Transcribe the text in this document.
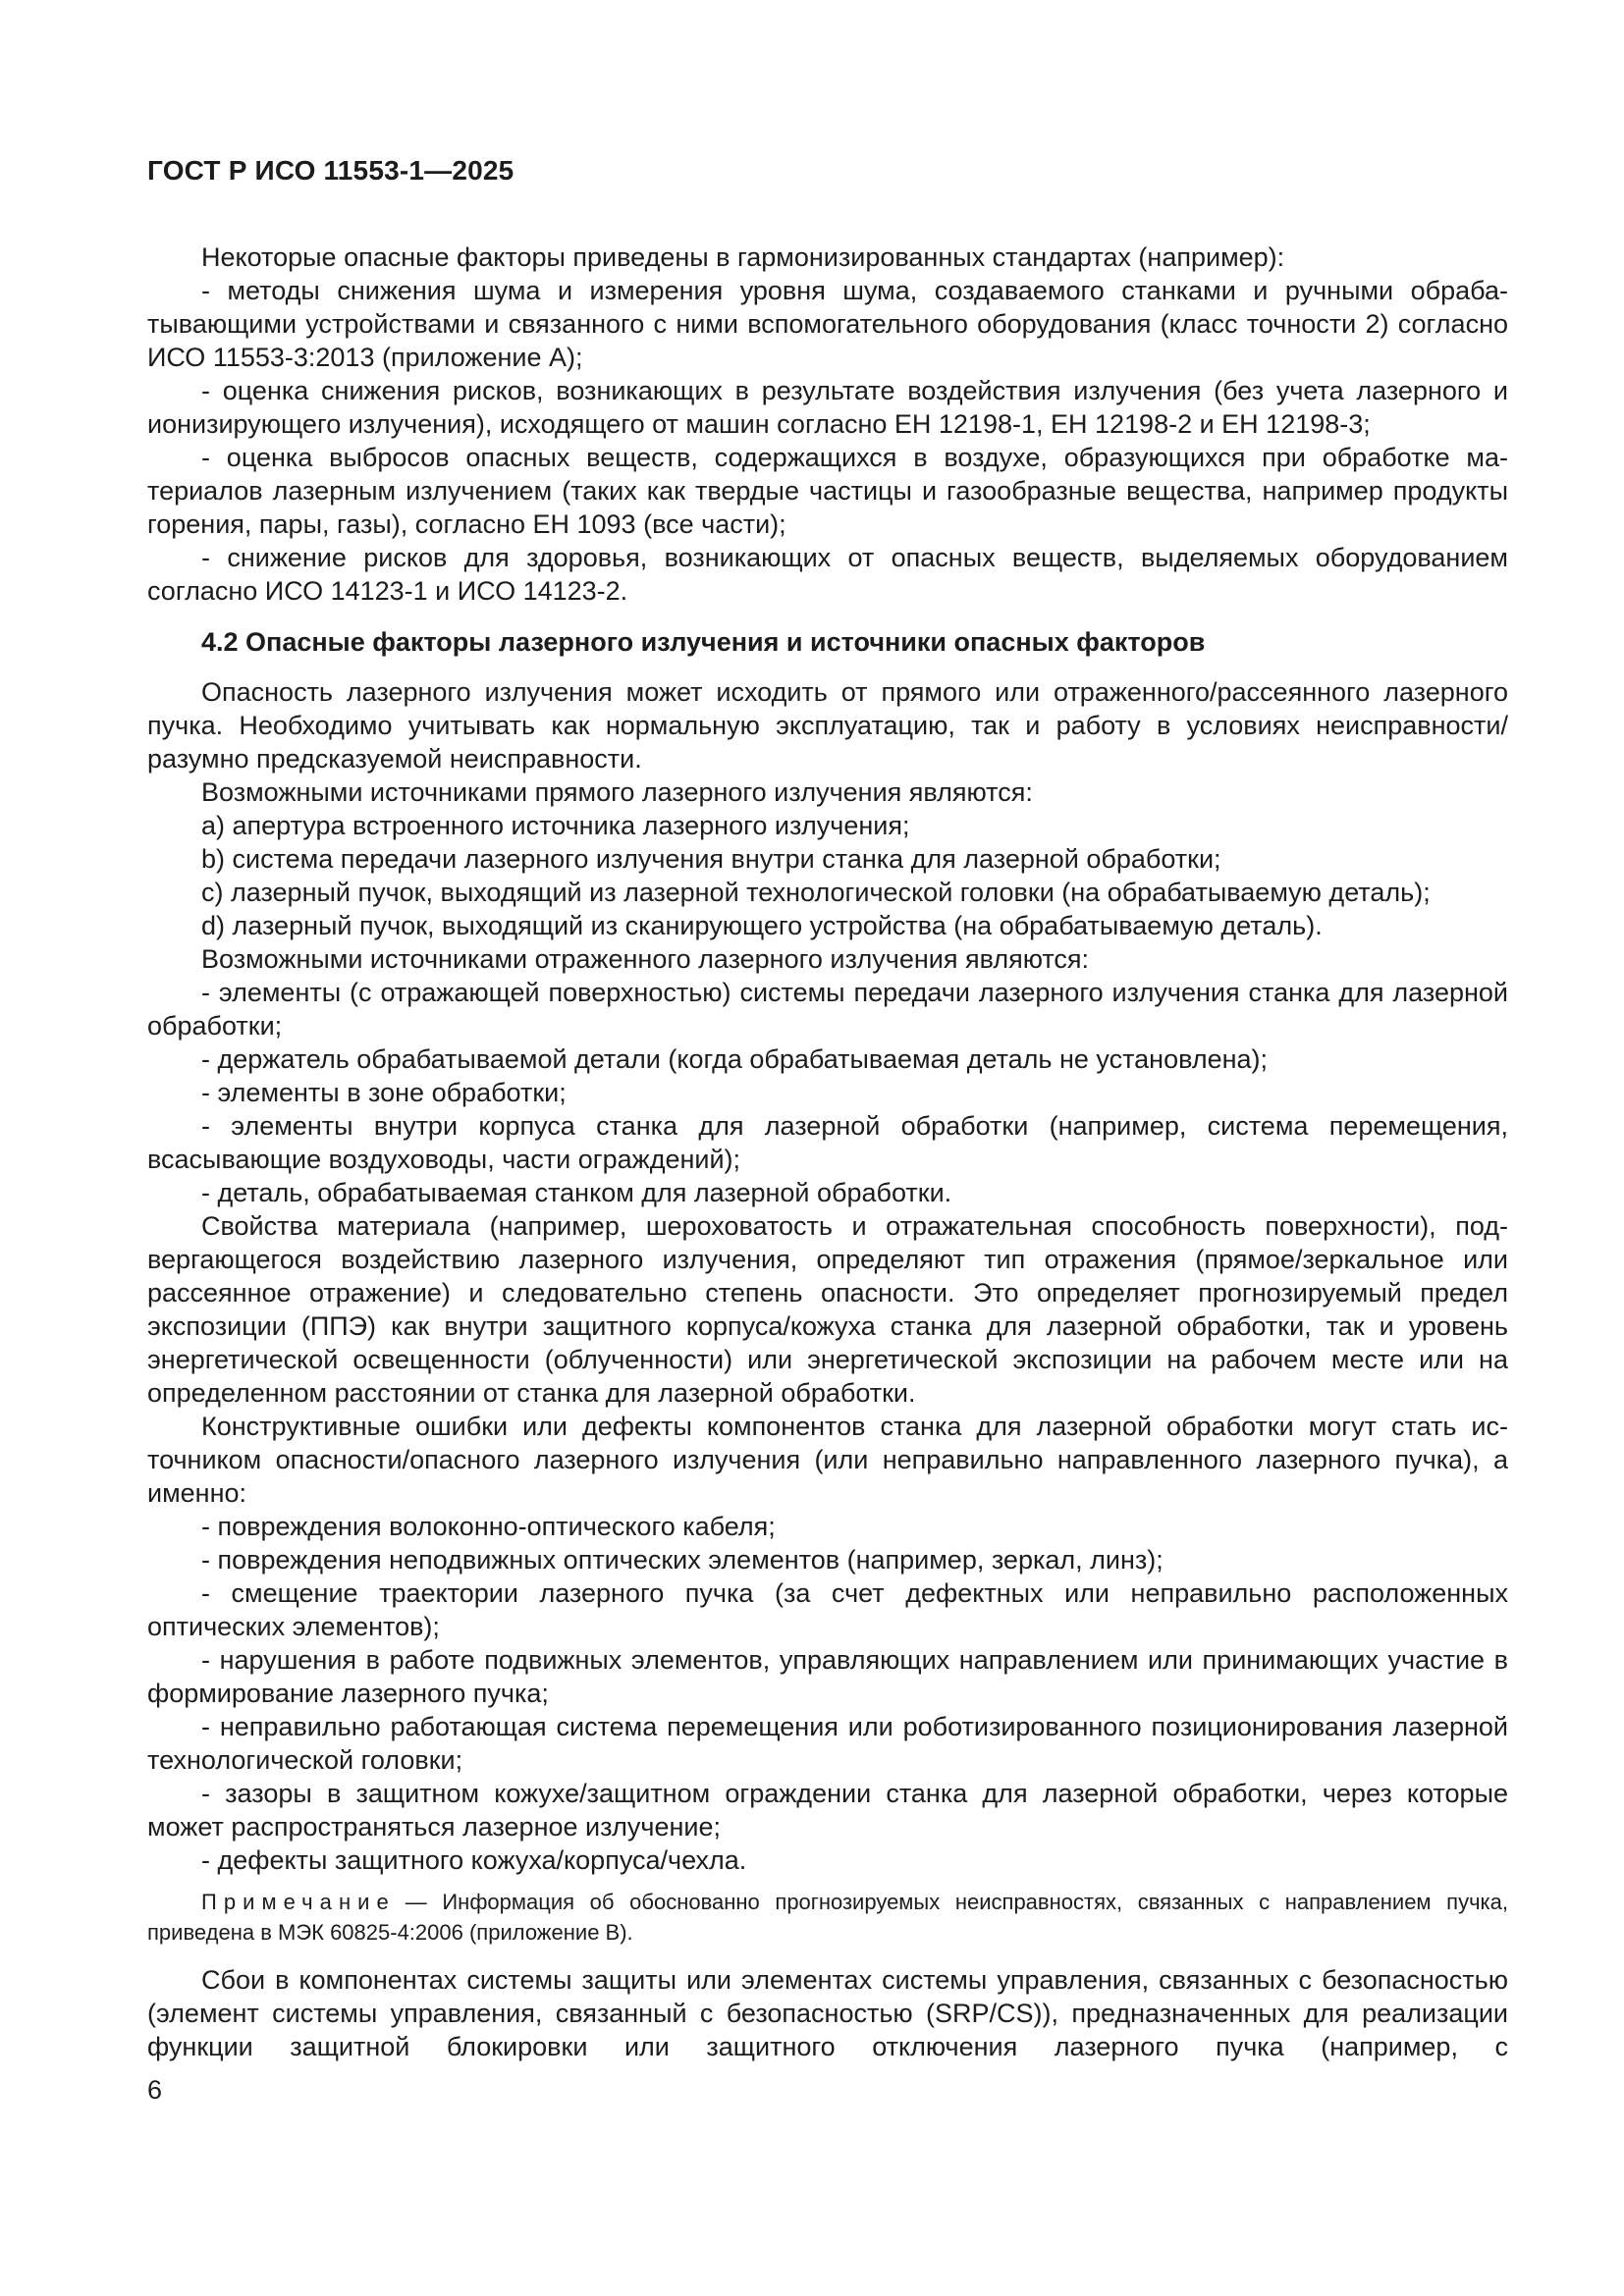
ГОСТ Р ИСО 11553-1—2025
Некоторые опасные факторы приведены в гармонизированных стандартах (например):
- методы снижения шума и измерения уровня шума, создаваемого станками и ручными обрабатывающими устройствами и связанного с ними вспомогательного оборудования (класс точности 2) согласно ИСО 11553-3:2013 (приложение А);
- оценка снижения рисков, возникающих в результате воздействия излучения (без учета лазерного и ионизирующего излучения), исходящего от машин согласно ЕН 12198-1, ЕН 12198-2 и ЕН 12198-3;
- оценка выбросов опасных веществ, содержащихся в воздухе, образующихся при обработке материалов лазерным излучением (таких как твердые частицы и газообразные вещества, например продукты горения, пары, газы), согласно ЕН 1093 (все части);
- снижение рисков для здоровья, возникающих от опасных веществ, выделяемых оборудованием согласно ИСО 14123-1 и ИСО 14123-2.
4.2 Опасные факторы лазерного излучения и источники опасных факторов
Опасность лазерного излучения может исходить от прямого или отраженного/рассеянного лазерного пучка. Необходимо учитывать как нормальную эксплуатацию, так и работу в условиях неисправности/разумно предсказуемой неисправности.
Возможными источниками прямого лазерного излучения являются:
a) апертура встроенного источника лазерного излучения;
b) система передачи лазерного излучения внутри станка для лазерной обработки;
c) лазерный пучок, выходящий из лазерной технологической головки (на обрабатываемую деталь);
d) лазерный пучок, выходящий из сканирующего устройства (на обрабатываемую деталь).
Возможными источниками отраженного лазерного излучения являются:
- элементы (с отражающей поверхностью) системы передачи лазерного излучения станка для лазерной обработки;
- держатель обрабатываемой детали (когда обрабатываемая деталь не установлена);
- элементы в зоне обработки;
- элементы внутри корпуса станка для лазерной обработки (например, система перемещения, всасывающие воздуховоды, части ограждений);
- деталь, обрабатываемая станком для лазерной обработки.
Свойства материала (например, шероховатость и отражательная способность поверхности), подвергающегося воздействию лазерного излучения, определяют тип отражения (прямое/зеркальное или рассеянное отражение) и следовательно степень опасности. Это определяет прогнозируемый предел экспозиции (ППЭ) как внутри защитного корпуса/кожуха станка для лазерной обработки, так и уровень энергетической освещенности (облученности) или энергетической экспозиции на рабочем месте или на определенном расстоянии от станка для лазерной обработки.
Конструктивные ошибки или дефекты компонентов станка для лазерной обработки могут стать источником опасности/опасного лазерного излучения (или неправильно направленного лазерного пучка), а именно:
- повреждения волоконно-оптического кабеля;
- повреждения неподвижных оптических элементов (например, зеркал, линз);
- смещение траектории лазерного пучка (за счет дефектных или неправильно расположенных оптических элементов);
- нарушения в работе подвижных элементов, управляющих направлением или принимающих участие в формирование лазерного пучка;
- неправильно работающая система перемещения или роботизированного позиционирования лазерной технологической головки;
- зазоры в защитном кожухе/защитном ограждении станка для лазерной обработки, через которые может распространяться лазерное излучение;
- дефекты защитного кожуха/корпуса/чехла.
Примечание — Информация об обоснованно прогнозируемых неисправностях, связанных с направлением пучка, приведена в МЭК 60825-4:2006 (приложение B).
Сбои в компонентах системы защиты или элементах системы управления, связанных с безопасностью (элемент системы управления, связанный с безопасностью (SRP/CS)), предназначенных для реализации функции защитной блокировки или защитного отключения лазерного пучка (например, с
6
